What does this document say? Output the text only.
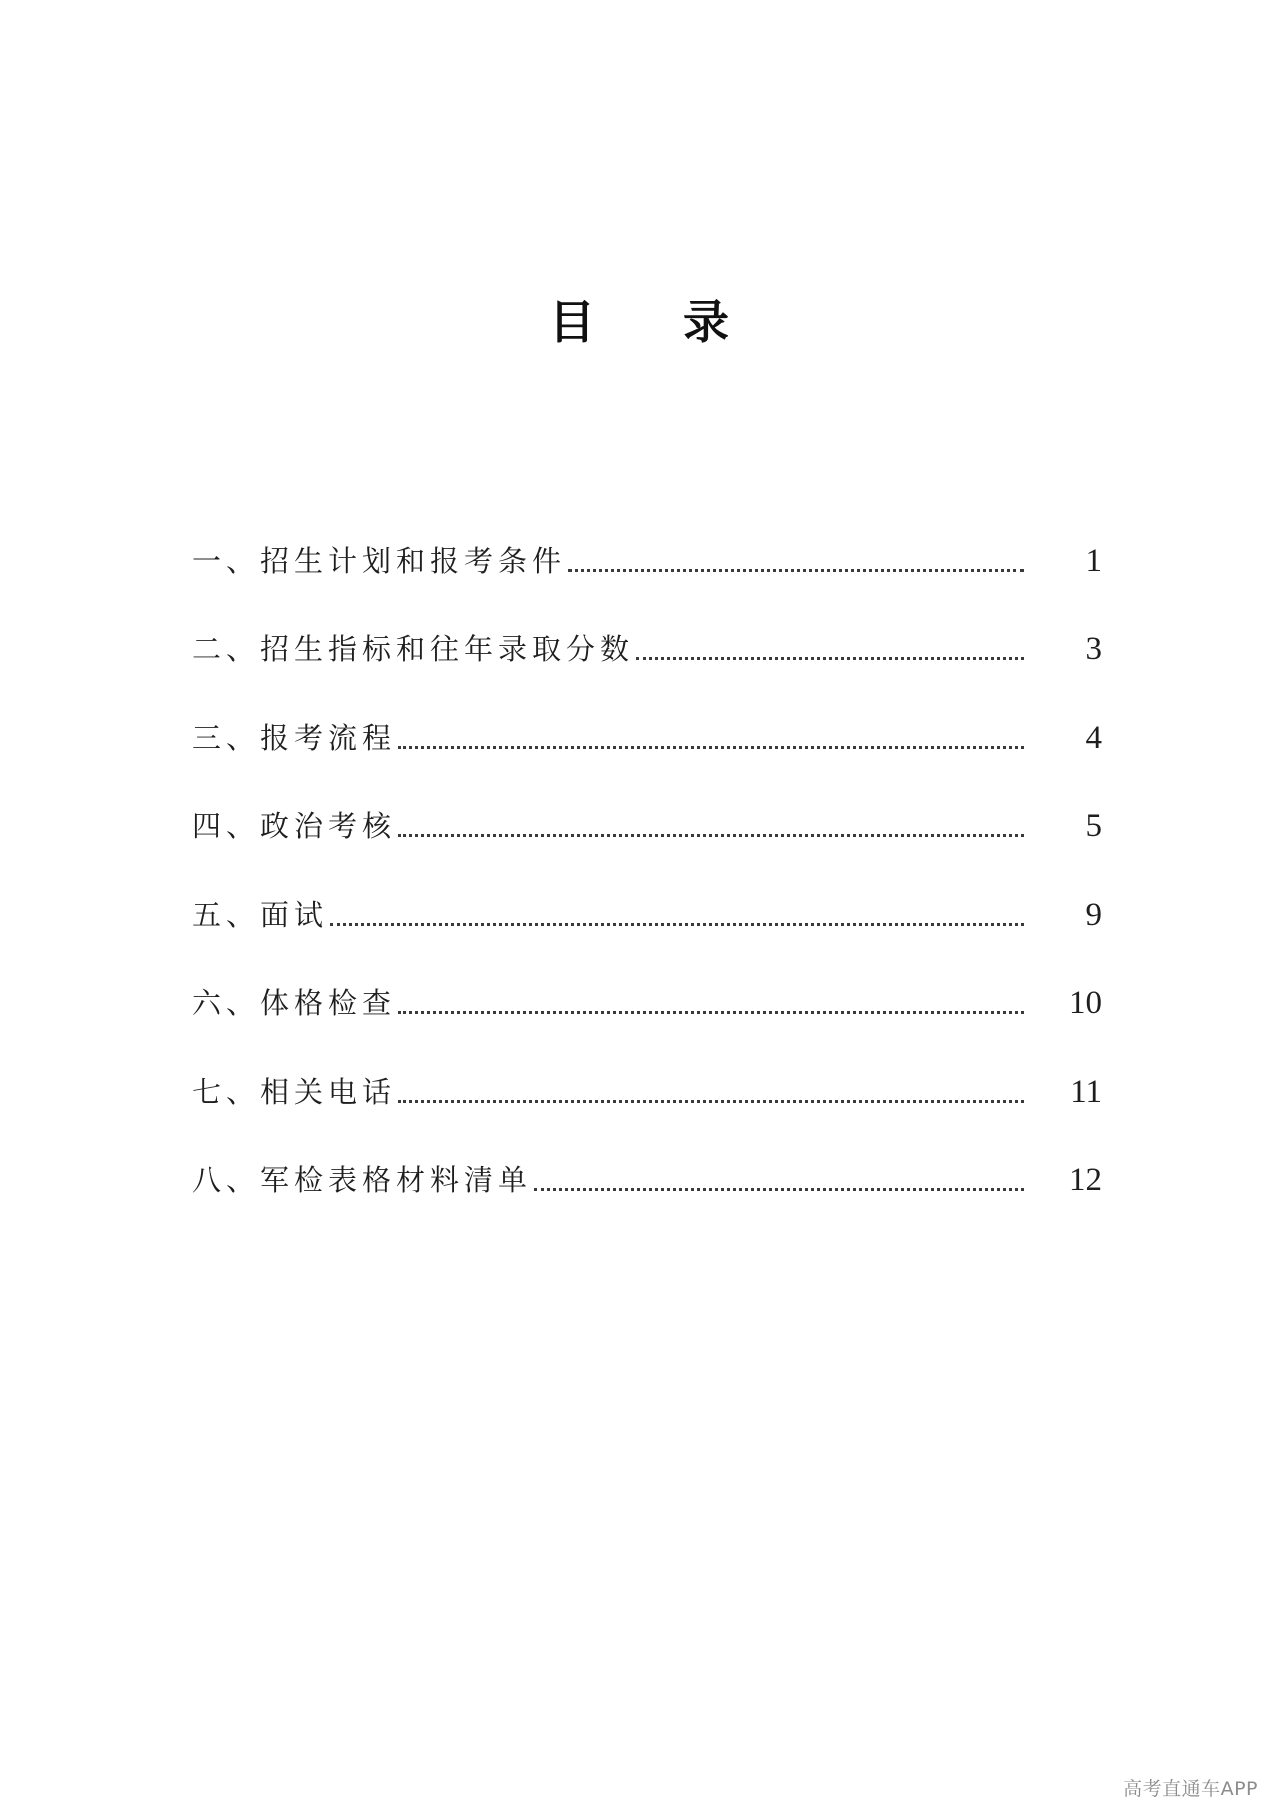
目 录
一、招生计划和报考条件	1
二、招生指标和往年录取分数	3
三、报考流程	4
四、政治考核	5
五、面试	9
六、体格检查	10
七、相关电话	11
八、军检表格材料清单	12
高考直通车APP
